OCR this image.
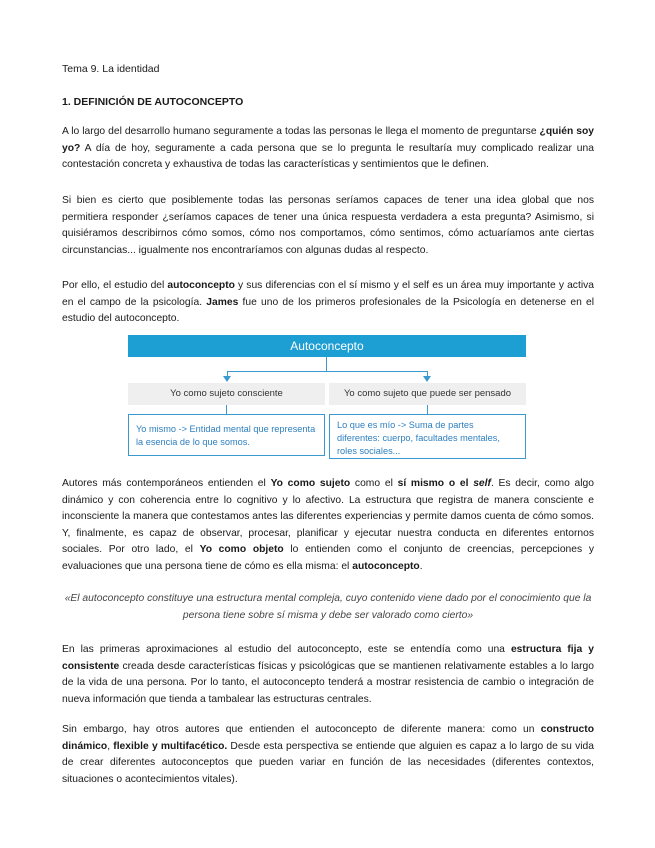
Tema 9. La identidad
1. DEFINICIÓN DE AUTOCONCEPTO

A lo largo del desarrollo humano seguramente a todas las personas le llega el momento de preguntarse ¿quién soy yo? A día de hoy, seguramente a cada persona que se lo pregunta le resultaría muy complicado realizar una contestación concreta y exhaustiva de todas las características y sentimientos que le definen.

Si bien es cierto que posiblemente todas las personas seríamos capaces de tener una idea global que nos permitiera responder ¿seríamos capaces de tener una única respuesta verdadera a esta pregunta? Asimismo, si quisiéramos describirnos cómo somos, cómo nos comportamos, cómo sentimos, cómo actuaríamos ante ciertas circunstancias... igualmente nos encontraríamos con algunas dudas al respecto.

Por ello, el estudio del autoconcepto y sus diferencias con el sí mismo y el self es un área muy importante y activa en el campo de la psicología. James fue uno de los primeros profesionales de la Psicología en detenerse en el estudio del autoconcepto.

Autoconcepto
Yo como sujeto consciente	Yo como sujeto que puede ser pensado
Yo mismo -> Entidad mental que representa la esencia de lo que somos.
Lo que es mío -> Suma de partes diferentes: cuerpo, facultades mentales, roles sociales...

Autores más contemporáneos entienden el Yo como sujeto como el sí mismo o el self. Es decir, como algo dinámico y con coherencia entre lo cognitivo y lo afectivo. La estructura que registra de manera consciente e inconsciente la manera que contestamos antes las diferentes experiencias y permite damos cuenta de cómo somos. Y, finalmente, es capaz de observar, procesar, planificar y ejecutar nuestra conducta en diferentes entornos sociales. Por otro lado, el Yo como objeto lo entienden como el conjunto de creencias, percepciones y evaluaciones que una persona tiene de cómo es ella misma: el autoconcepto.

«El autoconcepto constituye una estructura mental compleja, cuyo contenido viene dado por el conocimiento que la persona tiene sobre sí misma y debe ser valorado como cierto»

En las primeras aproximaciones al estudio del autoconcepto, este se entendía como una estructura fija y consistente creada desde características físicas y psicológicas que se mantienen relativamente estables a lo largo de la vida de una persona. Por lo tanto, el autoconcepto tenderá a mostrar resistencia de cambio o integración de nueva información que tienda a tambalear las estructuras centrales.

Sin embargo, hay otros autores que entienden el autoconcepto de diferente manera: como un constructo dinámico, flexible y multifacético. Desde esta perspectiva se entiende que alguien es capaz a lo largo de su vida de crear diferentes autoconceptos que pueden variar en función de las necesidades (diferentes contextos, situaciones o acontecimientos vitales).
